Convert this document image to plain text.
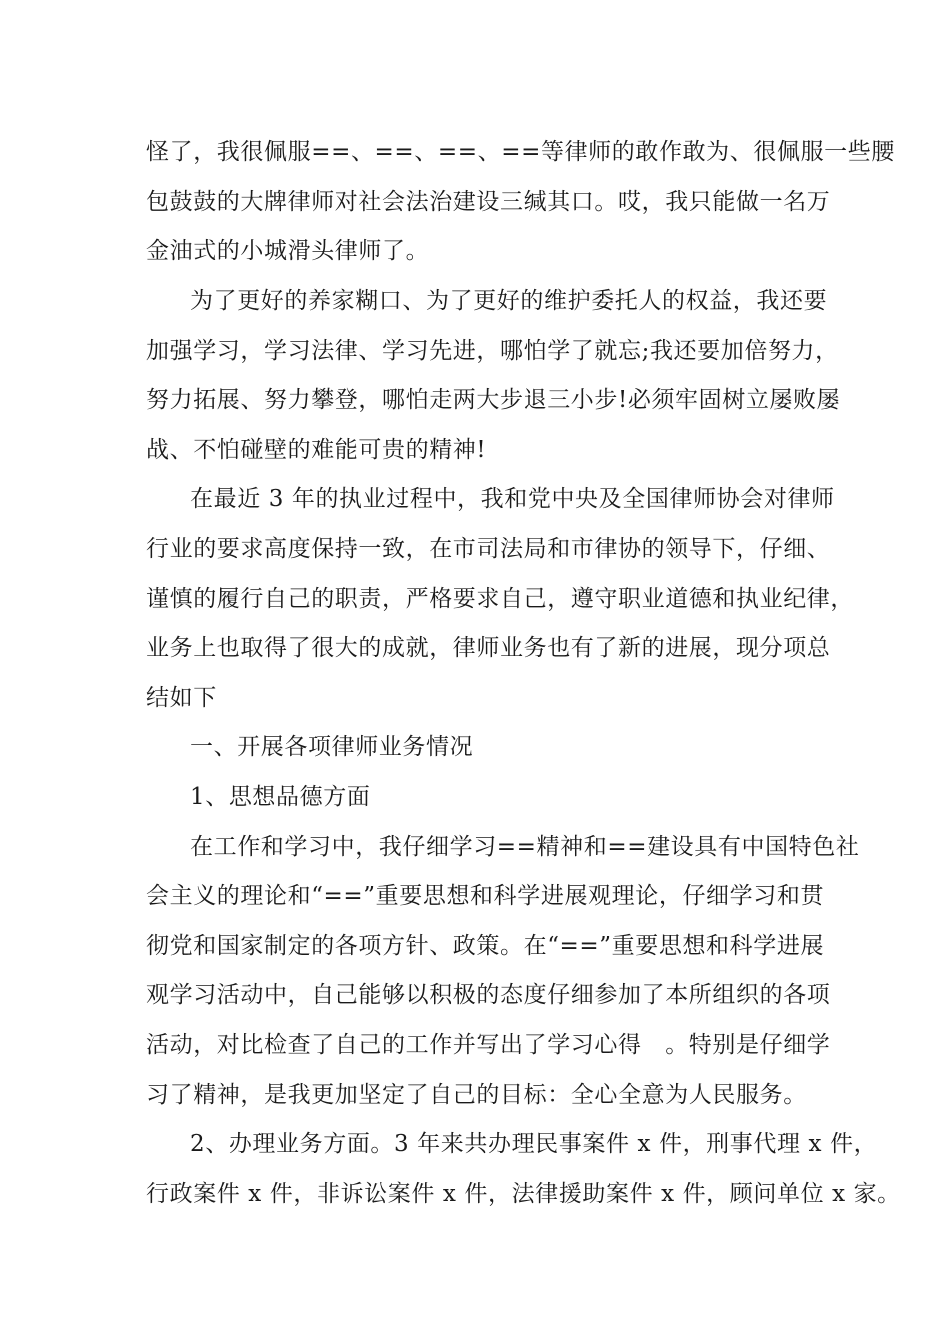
怪了，我很佩服==、==、==、==等律师的敢作敢为、很佩服一些腰
包鼓鼓的大牌律师对社会法治建设三缄其口。哎，我只能做一名万
金油式的小城滑头律师了。
为了更好的养家糊口、为了更好的维护委托人的权益，我还要
加强学习，学习法律、学习先进，哪怕学了就忘;我还要加倍努力，
努力拓展、努力攀登，哪怕走两大步退三小步!必须牢固树立屡败屡
战、不怕碰壁的难能可贵的精神!
在最近 3 年的执业过程中，我和党中央及全国律师协会对律师
行业的要求高度保持一致，在市司法局和市律协的领导下，仔细、
谨慎的履行自己的职责，严格要求自己，遵守职业道德和执业纪律，
业务上也取得了很大的成就，律师业务也有了新的进展，现分项总
结如下
一、开展各项律师业务情况
1、思想品德方面
在工作和学习中，我仔细学习==精神和==建设具有中国特色社
会主义的理论和“==”重要思想和科学进展观理论，仔细学习和贯
彻党和国家制定的各项方针、政策。在“==”重要思想和科学进展
观学习活动中，自己能够以积极的态度仔细参加了本所组织的各项
活动，对比检查了自己的工作并写出了学习心得　。特别是仔细学
习了精神，是我更加坚定了自己的目标：全心全意为人民服务。
2、办理业务方面。3 年来共办理民事案件 x 件，刑事代理 x 件，
行政案件 x 件，非诉讼案件 x 件，法律援助案件 x 件，顾问单位 x 家。
